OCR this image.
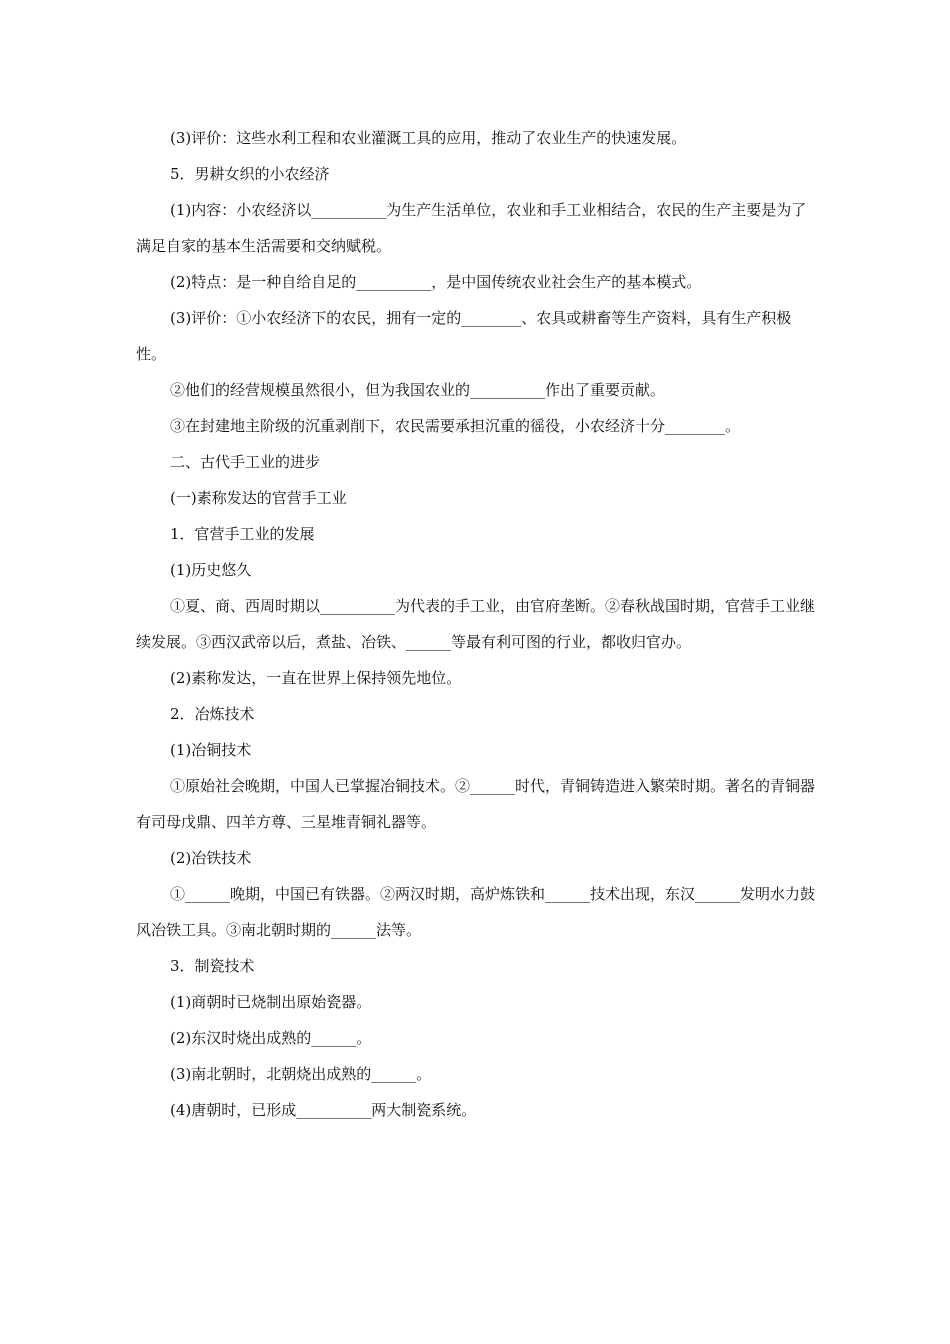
(3)评价：这些水利工程和农业灌溉工具的应用，推动了农业生产的快速发展。

5．男耕女织的小农经济

(1)内容：小农经济以__________为生产生活单位，农业和手工业相结合，农民的生产主要是为了满足自家的基本生活需要和交纳赋税。

(2)特点：是一种自给自足的__________，是中国传统农业社会生产的基本模式。

(3)评价：①小农经济下的农民，拥有一定的________、农具或耕畜等生产资料，具有生产积极性。

②他们的经营规模虽然很小，但为我国农业的__________作出了重要贡献。

③在封建地主阶级的沉重剥削下，农民需要承担沉重的徭役，小农经济十分________。

二、古代手工业的进步

(一)素称发达的官营手工业

1．官营手工业的发展

(1)历史悠久

①夏、商、西周时期以__________为代表的手工业，由官府垄断。②春秋战国时期，官营手工业继续发展。③西汉武帝以后，煮盐、冶铁、______等最有利可图的行业，都收归官办。

(2)素称发达，一直在世界上保持领先地位。

2．冶炼技术

(1)冶铜技术

①原始社会晚期，中国人已掌握冶铜技术。②______时代，青铜铸造进入繁荣时期。著名的青铜器有司母戊鼎、四羊方尊、三星堆青铜礼器等。

(2)冶铁技术

①______晚期，中国已有铁器。②两汉时期，高炉炼铁和______技术出现，东汉______发明水力鼓风冶铁工具。③南北朝时期的______法等。

3．制瓷技术

(1)商朝时已烧制出原始瓷器。

(2)东汉时烧出成熟的______。

(3)南北朝时，北朝烧出成熟的______。

(4)唐朝时，已形成__________两大制瓷系统。
